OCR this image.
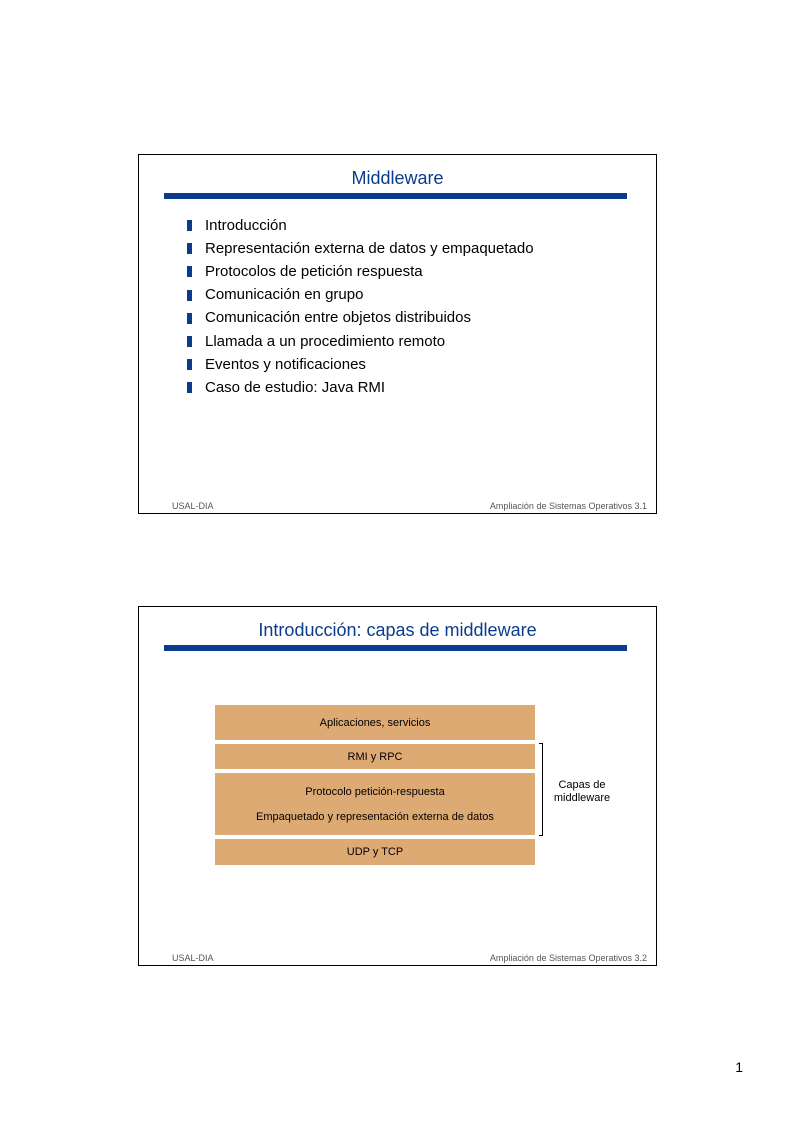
Middleware
Introducción
Representación externa de datos y empaquetado
Protocolos de petición respuesta
Comunicación en grupo
Comunicación entre objetos distribuidos
Llamada a un procedimiento remoto
Eventos y notificaciones
Caso de estudio: Java RMI
USAL-DIA	Ampliación de Sistemas Operativos 3.1
Introducción: capas de middleware
Aplicaciones, servicios
RMI y RPC
Protocolo petición-respuesta
Empaquetado y representación externa de datos
UDP y TCP
Capas de middleware
USAL-DIA	Ampliación de Sistemas Operativos 3.2
1
